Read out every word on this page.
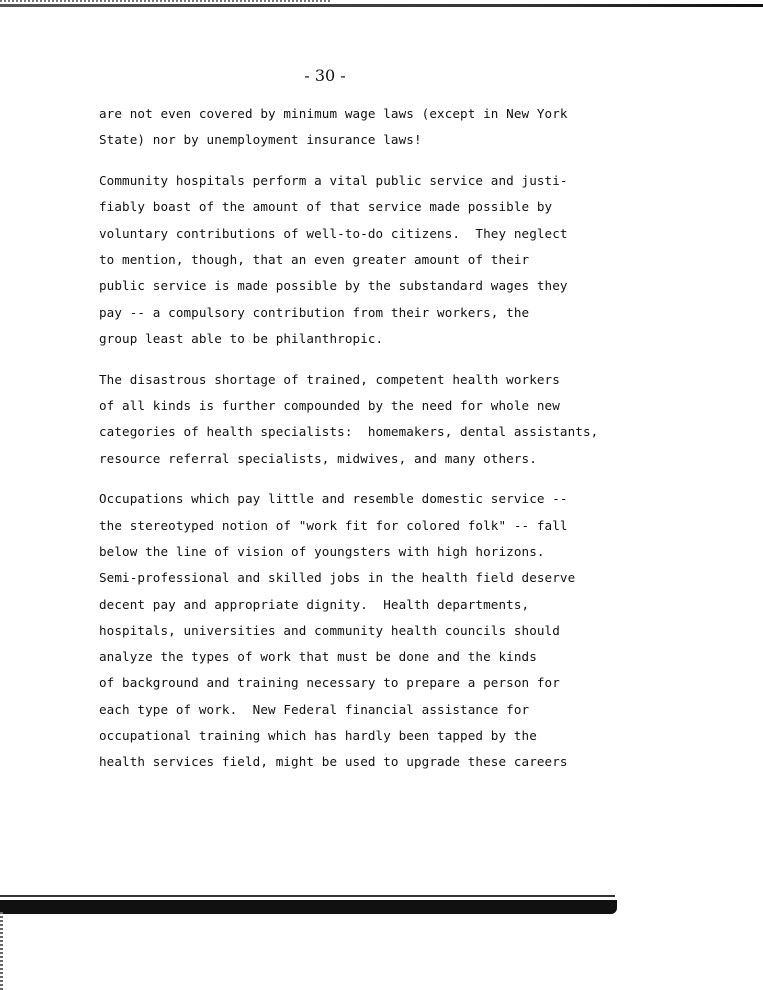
- 30 -
are not even covered by minimum wage laws (except in New York
State) nor by unemployment insurance laws!
Community hospitals perform a vital public service and justi-
fiably boast of the amount of that service made possible by
voluntary contributions of well-to-do citizens.  They neglect
to mention, though, that an even greater amount of their
public service is made possible by the substandard wages they
pay -- a compulsory contribution from their workers, the
group least able to be philanthropic.
The disastrous shortage of trained, competent health workers
of all kinds is further compounded by the need for whole new
categories of health specialists:  homemakers, dental assistants,
resource referral specialists, midwives, and many others.
Occupations which pay little and resemble domestic service --
the stereotyped notion of "work fit for colored folk" -- fall
below the line of vision of youngsters with high horizons.
Semi-professional and skilled jobs in the health field deserve
decent pay and appropriate dignity.  Health departments,
hospitals, universities and community health councils should
analyze the types of work that must be done and the kinds
of background and training necessary to prepare a person for
each type of work.  New Federal financial assistance for
occupational training which has hardly been tapped by the
health services field, might be used to upgrade these careers
